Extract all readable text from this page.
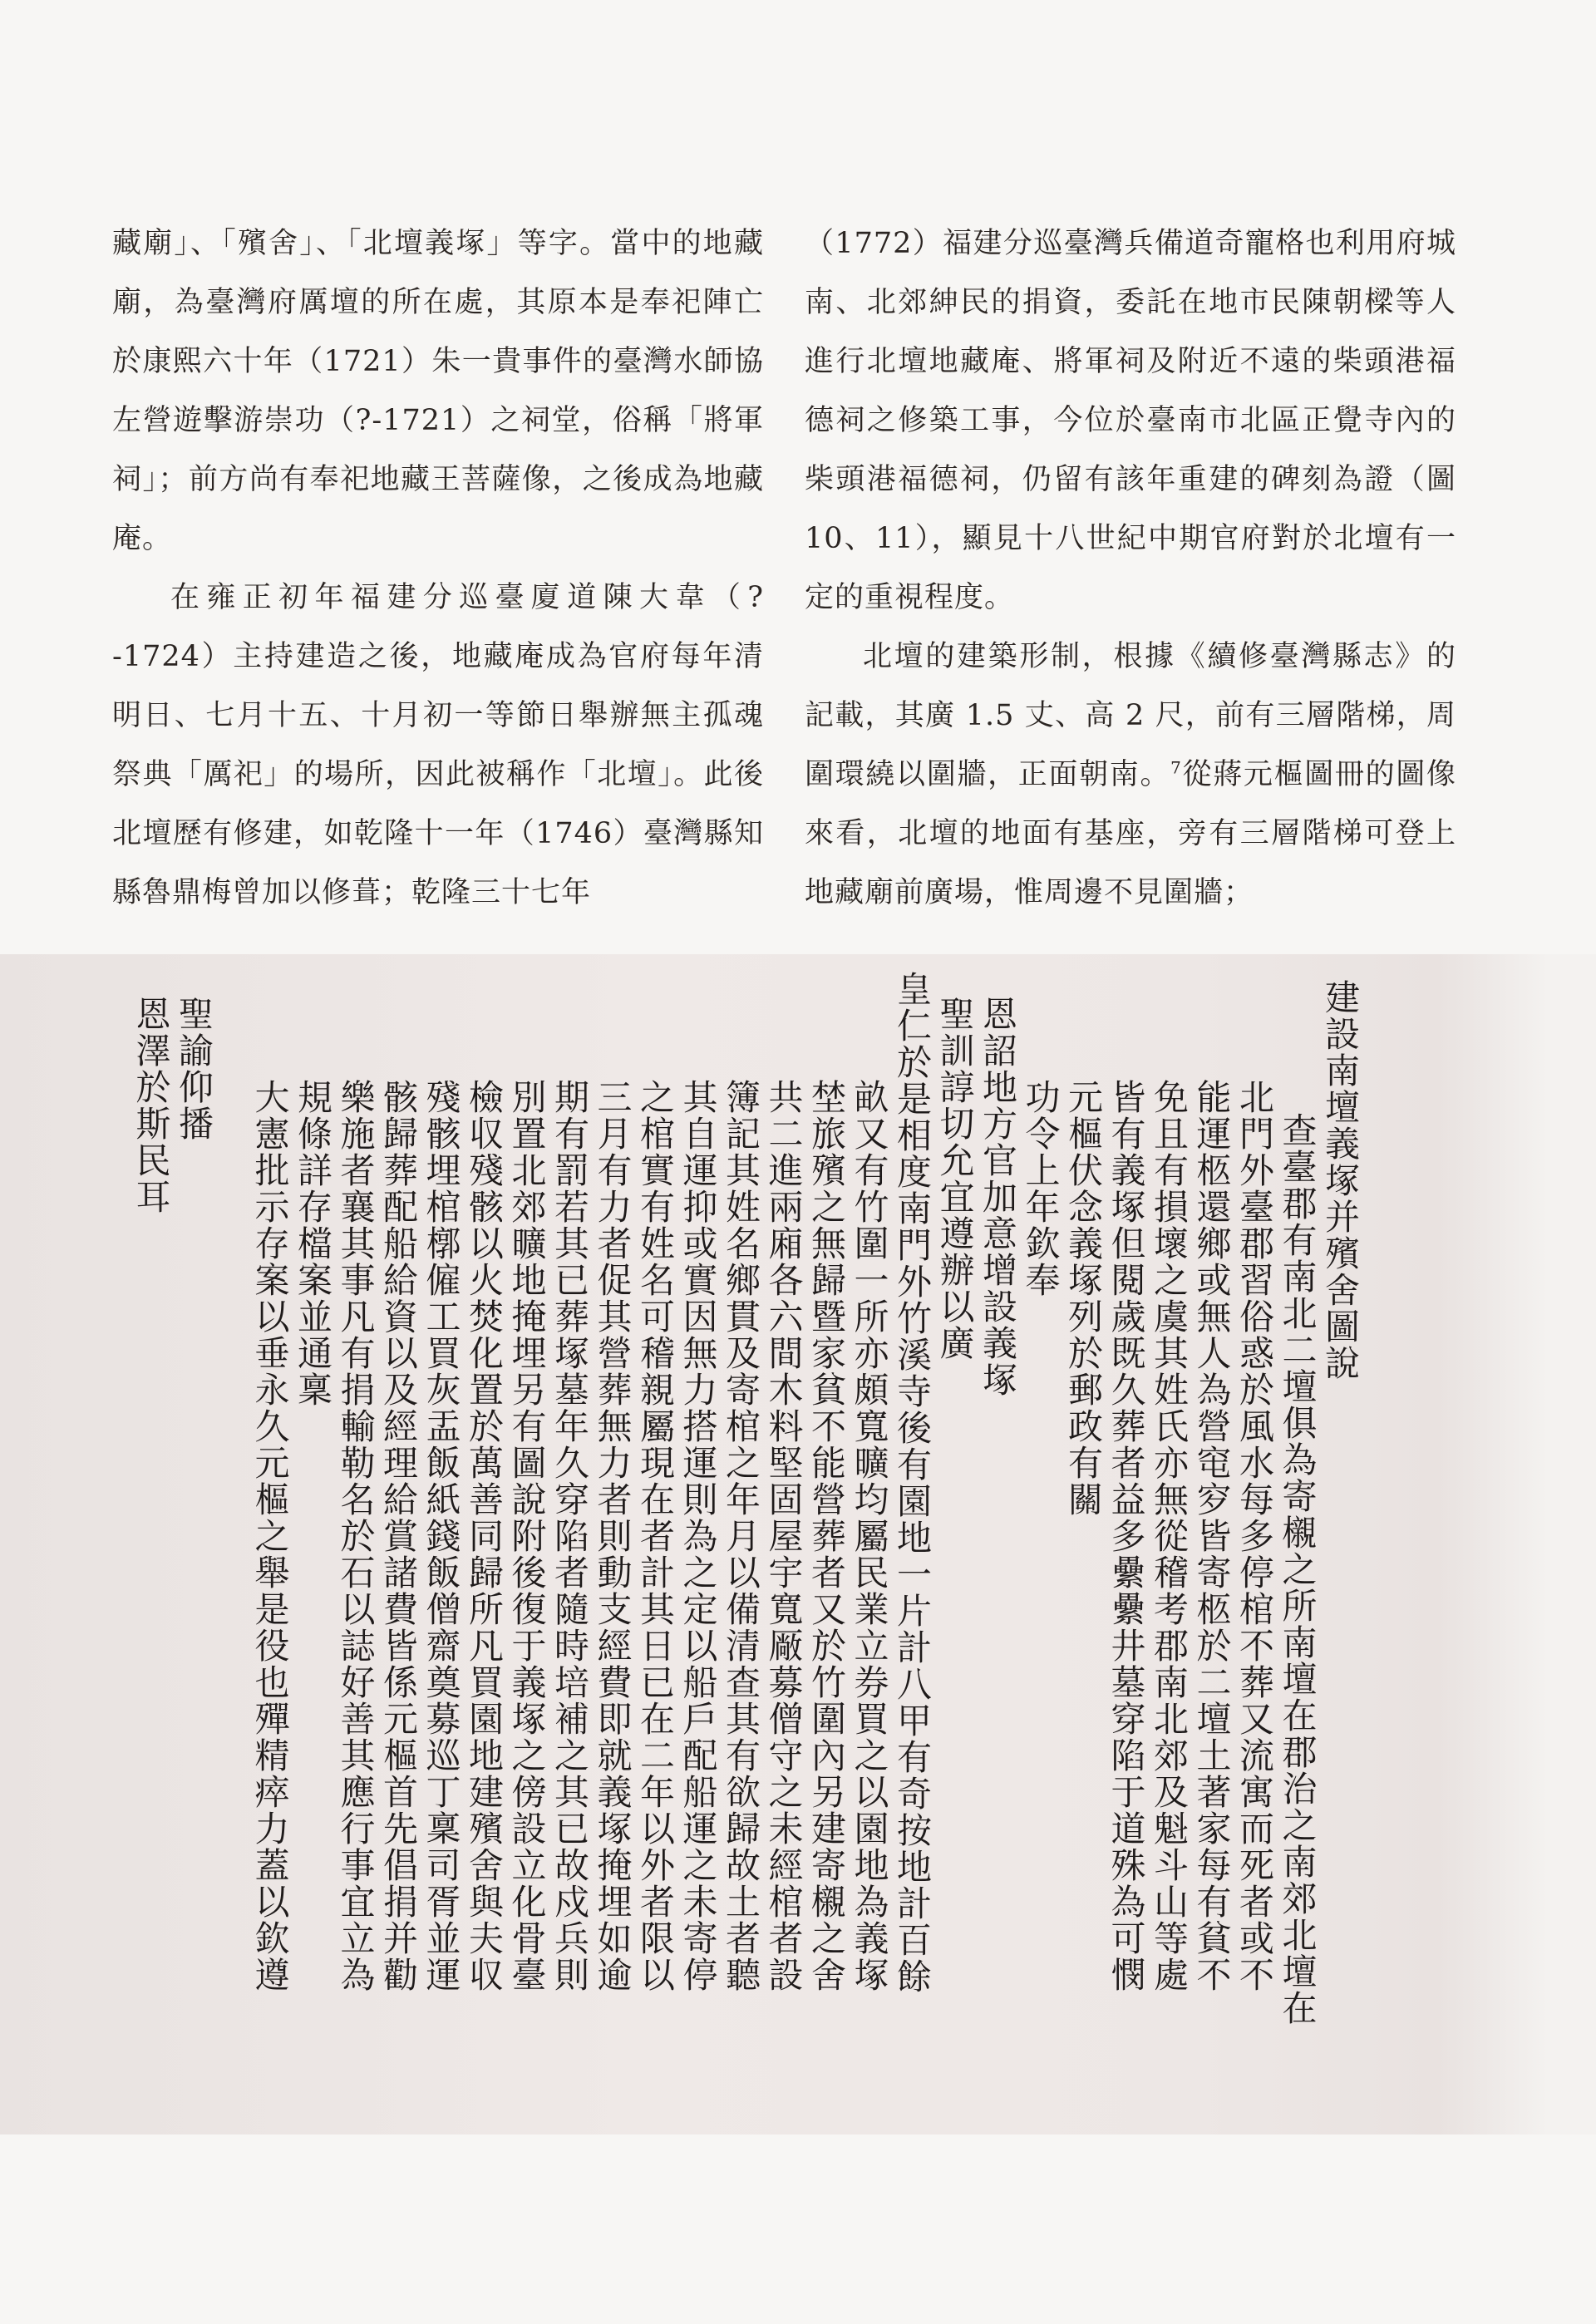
藏廟」、「殯舍」、「北壇義塚」等字。當中的地藏廟，為臺灣府厲壇的所在處，其原本是奉祀陣亡於康熙六十年（1721）朱一貴事件的臺灣水師協左營遊擊游崇功（?-1721）之祠堂，俗稱「將軍祠」；前方尚有奉祀地藏王菩薩像，之後成為地藏庵。

在雍正初年福建分巡臺廈道陳大韋（?-1724）主持建造之後，地藏庵成為官府每年清明日、七月十五、十月初一等節日舉辦無主孤魂祭典「厲祀」的場所，因此被稱作「北壇」。此後北壇歷有修建，如乾隆十一年（1746）臺灣縣知縣魯鼎梅曾加以修葺；乾隆三十七年

（1772）福建分巡臺灣兵備道奇寵格也利用府城南、北郊紳民的捐資，委託在地市民陳朝樑等人進行北壇地藏庵、將軍祠及附近不遠的柴頭港福德祠之修築工事，今位於臺南市北區正覺寺內的柴頭港福德祠，仍留有該年重建的碑刻為證（圖 10、11），顯見十八世紀中期官府對於北壇有一定的重視程度。

北壇的建築形制，根據《續修臺灣縣志》的記載，其廣 1.5 丈、高 2 尺，前有三層階梯，周圍環繞以圍牆，正面朝南。$^7$從蔣元樞圖冊的圖像來看，北壇的地面有基座，旁有三層階梯可登上地藏廟前廣場，惟周邊不見圍牆；

建設南壇義塚并殯舍圖說
查臺郡有南北二壇俱為寄櫬之所南壇在郡治之南郊北壇在
北門外臺郡習俗惑於風水每多停棺不葬又流寓而死者或不
能運柩還鄉或無人為營窀穸皆寄柩於二壇土著家每有貧不
免且有損壞之虞其姓氏亦無從稽考郡南北郊及魁斗山等處
皆有義塚但閱歲既久葬者益多纍纍井墓穿陷于道殊為可憫
元樞伏念義塚列於郵政有關
功令上年欽奉
恩詔地方官加意增設義塚
聖訓諄切允宜遵辦以廣
皇仁於是相度南門外竹溪寺後有園地一片計八甲有奇按地計百餘
畝又有竹圍一所亦頗寬曠均屬民業立券買之以園地為義塚
埜旅殯之無歸暨家貧不能營葬者又於竹圍內另建寄櫬之舍
共二進兩廂各六間木料堅固屋宇寬厰募僧守之未經棺者設
簿記其姓名鄉貫及寄棺之年月以備清查其有欲歸故土者聽
其自運抑或實因無力搭運則為之定以船戶配船運之未寄停
之棺實有姓名可稽親屬現在者計其日已在二年以外者限以
三月有力者促其營葬無力者則動支經費即就義塚掩埋如逾
期有罰若其已葬塚墓年久穿陷者隨時培補之其已故戍兵則
別置北郊曠地掩埋另有圖說附後復于義塚之傍設立化骨臺
檢収殘骸以火焚化置於萬善同歸所凡買園地建殯舍與夫収
殘骸埋棺槨僱工買灰盂飯紙錢飯僧齋奠募巡丁稟司胥並運
骸歸葬配船給資以及經理給賞諸費皆係元樞首先倡捐并勸
樂施者襄其事凡有捐輸勒名於石以誌好善其應行事宜立為
規條詳存檔案並通稟
大憲批示存案以垂永久元樞之舉是役也殫精瘁力蓋以欽遵
聖諭仰播
恩澤於斯民耳
